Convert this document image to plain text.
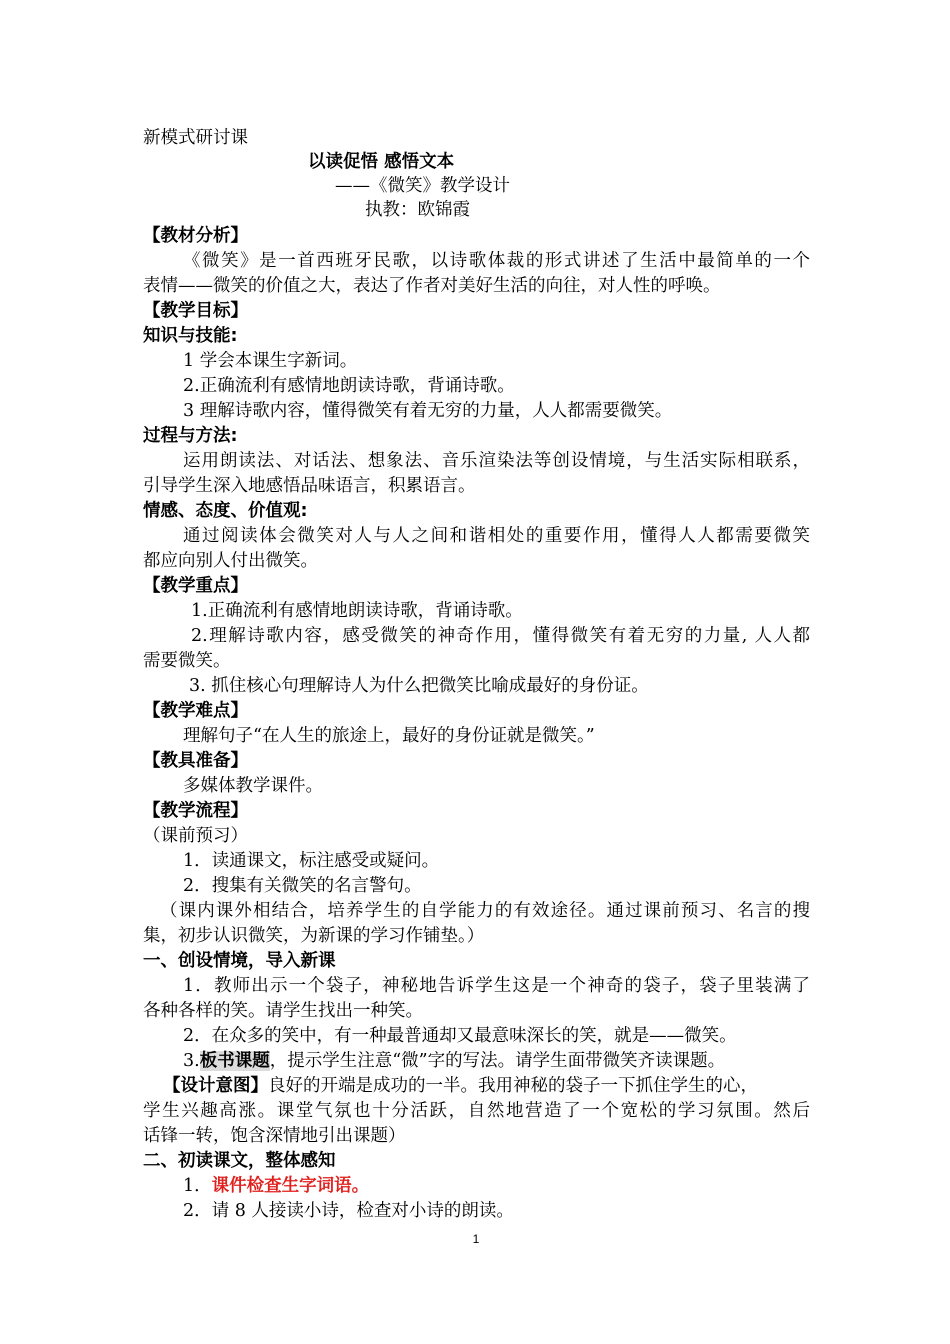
新模式研讨课
以读促悟 感悟文本
——《微笑》教学设计
执教：欧锦霞
【教材分析】
《微笑》是一首西班牙民歌，以诗歌体裁的形式讲述了生活中最简单的一个
表情——微笑的价值之大，表达了作者对美好生活的向往，对人性的呼唤。
【教学目标】
知识与技能:
1 学会本课生字新词。
2.正确流利有感情地朗读诗歌，背诵诗歌。
3 理解诗歌内容，懂得微笑有着无穷的力量，人人都需要微笑。
过程与方法:
运用朗读法、对话法、想象法、音乐渲染法等创设情境，与生活实际相联系，
引导学生深入地感悟品味语言，积累语言。
情感、态度、价值观:
通过阅读体会微笑对人与人之间和谐相处的重要作用，懂得人人都需要微笑
都应向别人付出微笑。
【教学重点】
1.正确流利有感情地朗读诗歌，背诵诗歌。
2.理解诗歌内容，感受微笑的神奇作用，懂得微笑有着无穷的力量, 人人都
需要微笑。
3. 抓住核心句理解诗人为什么把微笑比喻成最好的身份证。
【教学难点】
理解句子“在人生的旅途上，最好的身份证就是微笑。”
【教具准备】
多媒体教学课件。
【教学流程】
（课前预习）
1．读通课文，标注感受或疑问。
2．搜集有关微笑的名言警句。
（课内课外相结合，培养学生的自学能力的有效途径。通过课前预习、名言的搜
集，初步认识微笑，为新课的学习作铺垫。）
一、创设情境，导入新课
1．教师出示一个袋子，神秘地告诉学生这是一个神奇的袋子，袋子里装满了
各种各样的笑。请学生找出一种笑。
2．在众多的笑中，有一种最普通却又最意味深长的笑，就是——微笑。
3.板书课题，提示学生注意“微”字的写法。请学生面带微笑齐读课题。
【设计意图】良好的开端是成功的一半。我用神秘的袋子一下抓住学生的心，
学生兴趣高涨。课堂气氛也十分活跃，自然地营造了一个宽松的学习氛围。然后
话锋一转，饱含深情地引出课题）
二、初读课文，整体感知
1．课件检查生字词语。
2．请 8 人接读小诗，检查对小诗的朗读。
1
